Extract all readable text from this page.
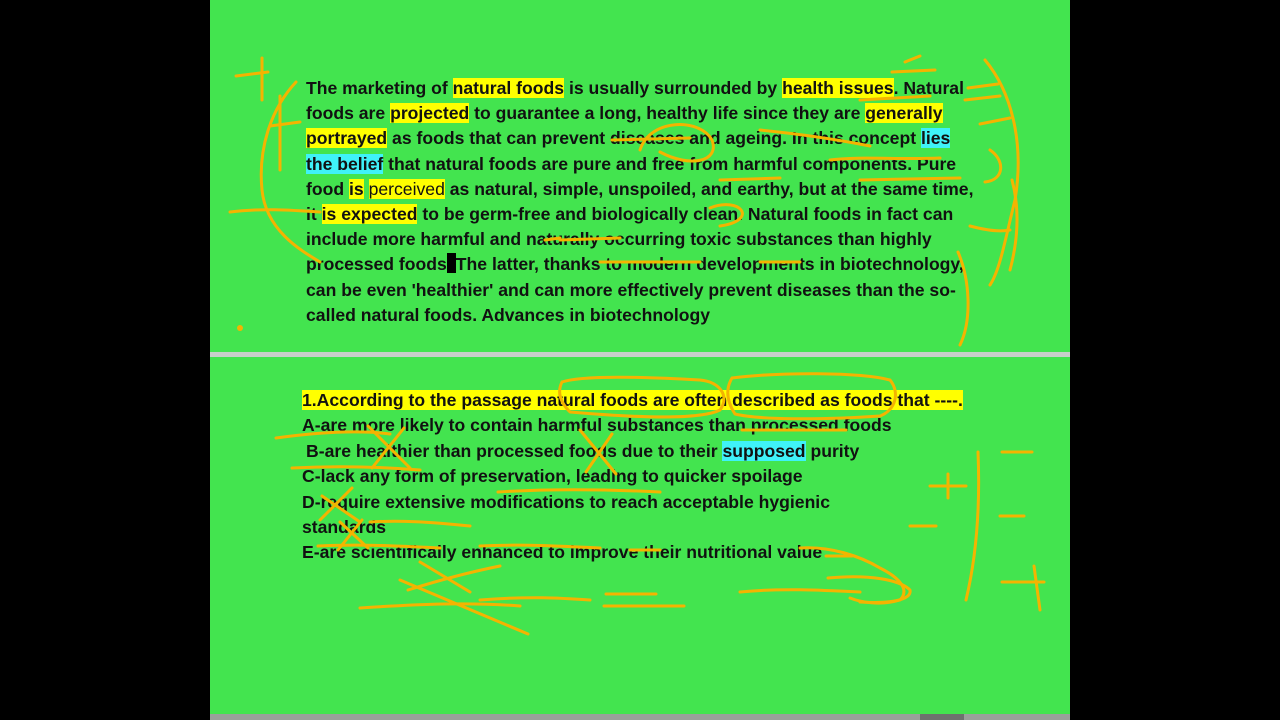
The marketing of natural foods is usually surrounded by health issues. Natural foods are projected to guarantee a long, healthy life since they are generally portrayed as foods that can prevent diseases and ageing. In this concept lies the belief that natural foods are pure and free from harmful components. Pure food is perceived as natural, simple, unspoiled, and earthy, but at the same time, it is expected to be germ-free and biologically clean. Natural foods in fact can include more harmful and naturally occurring toxic substances than highly processed foods The latter, thanks to modern developments in biotechnology, can be even 'healthier' and can more effectively prevent diseases than the so-called natural foods. Advances in biotechnology

1.According to the passage natural foods are often described as foods that ----.

A-are more likely to contain harmful substances than processed foods

B-are healthier than processed foods due to their supposed purity

C-lack any form of preservation, leading to quicker spoilage

D-require extensive modifications to reach acceptable hygienic standards

E-are scientifically enhanced to improve their nutritional value
